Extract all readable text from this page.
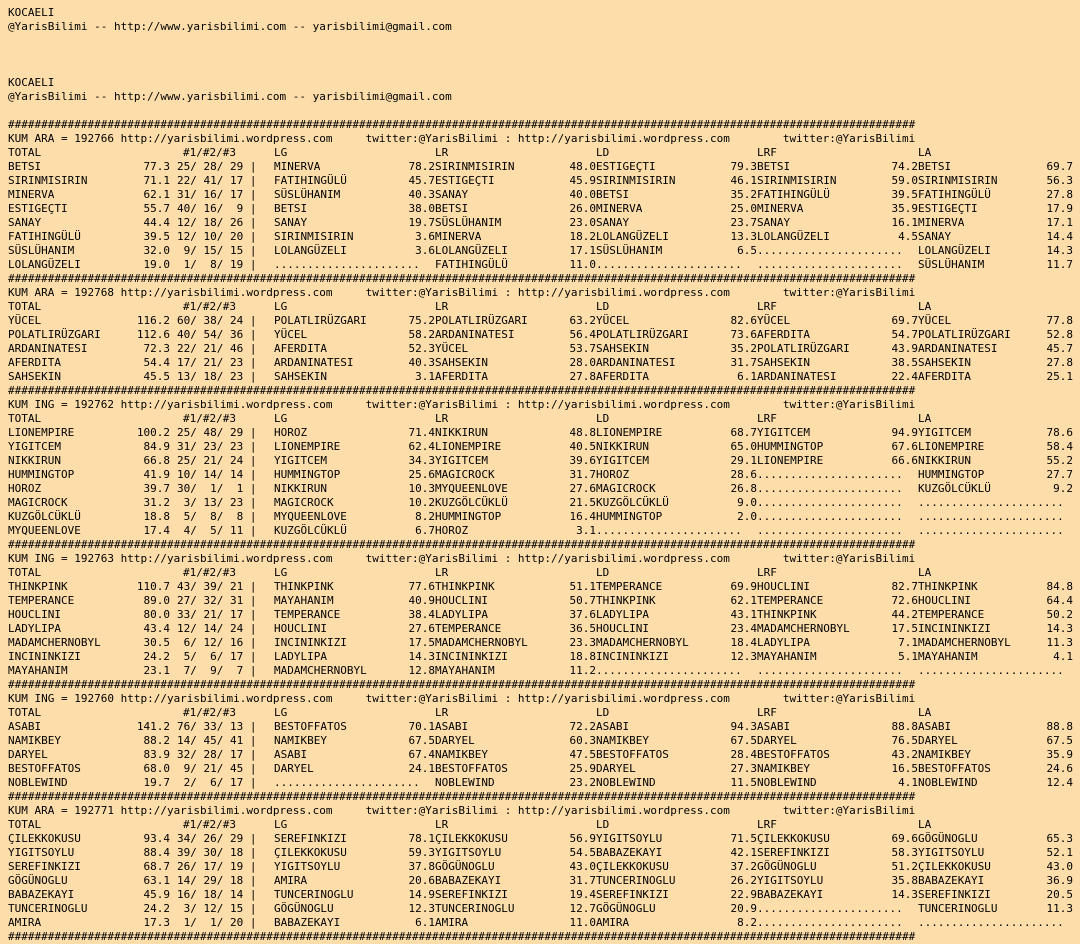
KOCAELI
@YarisBilimi -- http://www.yarisbilimi.com -- yarisbilimi@gmail.com
KOCAELI
@YarisBilimi -- http://www.yarisbilimi.com -- yarisbilimi@gmail.com
#########################################################################################################################################
KUM ARA = 192766 http://yarisbilimi.wordpress.com     twitter:@YarisBilimi : http://yarisbilimi.wordpress.com        twitter:@YarisBilimi
TOTAL	#1/#2/#3	LG	LR	LD	LRF	LA
BETSI	77.3 25/ 28/ 29 |	MINERVA	78.2 SIRINMISIRIN	48.0 ESTIGEÇTI	79.3 BETSI	74.2 BETSI	69.7
SIRINMISIRIN	71.1 22/ 41/ 17 |	FATIHINGÜLÜ	45.7 ESTIGEÇTI	45.9 SIRINMISIRIN	46.1 SIRINMISIRIN	59.0 SIRINMISIRIN	56.3
MINERVA	62.1 31/ 16/ 17 |	SÜSLÜHANIM	40.3 SANAY	40.0 BETSI	35.2 FATIHINGÜLÜ	39.5 FATIHINGÜLÜ	27.8
ESTIGEÇTI	55.7 40/ 16/  9 |	BETSI	38.0 BETSI	26.0 MINERVA	25.0 MINERVA	35.9 ESTIGEÇTI	17.9
SANAY	44.4 12/ 18/ 26 |	SANAY	19.7 SÜSLÜHANIM	23.0 SANAY	23.7 SANAY	16.1 MINERVA	17.1
FATIHINGÜLÜ	39.5 12/ 10/ 20 |	SIRINMISIRIN	3.6 MINERVA	18.2 LOLANGÜZELI	13.3 LOLANGÜZELI	4.5 SANAY	14.4
SÜSLÜHANIM	32.0 9/ 15/ 15 |	LOLANGÜZELI	3.6 LOLANGÜZELI	17.1 SÜSLÜHANIM	6.5 ......................	LOLANGÜZELI	14.3
LOLANGÜZELI	19.0 1/  8/ 19 |	......................	FATIHINGÜLÜ	11.0 ......................	......................	SÜSLÜHANIM	11.7
#########################################################################################################################################
KUM ARA = 192768 http://yarisbilimi.wordpress.com     twitter:@YarisBilimi : http://yarisbilimi.wordpress.com        twitter:@YarisBilimi
TOTAL	#1/#2/#3	LG	LR	LD	LRF	LA
YÜCEL	116.2 60/ 38/ 24 |	POLATLIRÜZGARI	75.2 POLATLIRÜZGARI	63.2 YÜCEL	82.6 YÜCEL	69.7 YÜCEL	77.8
POLATLIRÜZGARI	112.6 40/ 54/ 36 |	YÜCEL	58.2 ARDANINATESI	56.4 POLATLIRÜZGARI	73.6 AFERDITA	54.7 POLATLIRÜZGARI	52.8
ARDANINATESI	72.3 22/ 21/ 46 |	AFERDITA	52.3 YÜCEL	53.7 SAHSEKIN	35.2 POLATLIRÜZGARI	43.9 ARDANINATESI	45.7
AFERDITA	54.4 17/ 21/ 23 |	ARDANINATESI	40.3 SAHSEKIN	28.0 ARDANINATESI	31.7 SAHSEKIN	38.5 SAHSEKIN	27.8
SAHSEKIN	45.5 13/ 18/ 23 |	SAHSEKIN	3.1 AFERDITA	27.8 AFERDITA	6.1 ARDANINATESI	22.4 AFERDITA	25.1
#########################################################################################################################################
KUM ING = 192762 http://yarisbilimi.wordpress.com     twitter:@YarisBilimi : http://yarisbilimi.wordpress.com        twitter:@YarisBilimi
TOTAL	#1/#2/#3	LG	LR	LD	LRF	LA
LIONEMPIRE	100.2 25/ 48/ 29 |	HOROZ	71.4 NIKKIRUN	48.8 LIONEMPIRE	68.7 YIGITCEM	94.9 YIGITCEM	78.6
YIGITCEM	84.9 31/ 23/ 23 |	LIONEMPIRE	62.4 LIONEMPIRE	40.5 NIKKIRUN	65.0 HUMMINGTOP	67.6 LIONEMPIRE	58.4
NIKKIRUN	66.8 25/ 21/ 24 |	YIGITCEM	34.3 YIGITCEM	39.6 YIGITCEM	29.1 LIONEMPIRE	66.6 NIKKIRUN	55.2
HUMMINGTOP	41.9 10/ 14/ 14 |	HUMMINGTOP	25.6 MAGICROCK	31.7 HOROZ	28.6 ......................	HUMMINGTOP	27.7
HOROZ	39.7 30/  1/  1 |	NIKKIRUN	10.3 MYQUEENLOVE	27.6 MAGICROCK	26.8 ......................	KUZGÖLCÜKLÜ	9.2
MAGICROCK	31.2 3/ 13/ 23 |	MAGICROCK	10.2 KUZGÖLCÜKLÜ	21.5 KUZGÖLCÜKLÜ	9.0 ......................	......................
KUZGÖLCÜKLÜ	18.8 5/  8/  8 |	MYQUEENLOVE	8.2 HUMMINGTOP	16.4 HUMMINGTOP	2.0 ......................	......................
MYQUEENLOVE	17.4 4/  5/ 11 |	KUZGÖLCÜKLÜ	6.7 HOROZ	3.1 ......................	......................	......................
#########################################################################################################################################
KUM ING = 192763 http://yarisbilimi.wordpress.com     twitter:@YarisBilimi : http://yarisbilimi.wordpress.com        twitter:@YarisBilimi
TOTAL	#1/#2/#3	LG	LR	LD	LRF	LA
THINKPINK	110.7 43/ 39/ 21 |	THINKPINK	77.6 THINKPINK	51.1 TEMPERANCE	69.9 HOUCLINI	82.7 THINKPINK	84.8
TEMPERANCE	89.0 27/ 32/ 31 |	MAYAHANIM	40.9 HOUCLINI	50.7 THINKPINK	62.1 TEMPERANCE	72.6 HOUCLINI	64.4
HOUCLINI	80.0 33/ 21/ 17 |	TEMPERANCE	38.4 LADYLIPA	37.6 LADYLIPA	43.1 THINKPINK	44.2 TEMPERANCE	50.2
LADYLIPA	43.4 12/ 14/ 24 |	HOUCLINI	27.6 TEMPERANCE	36.5 HOUCLINI	23.4 MADAMCHERNOBYL	17.5 INCININKIZI	14.3
MADAMCHERNOBYL	30.5 6/ 12/ 16 |	INCININKIZI	17.5 MADAMCHERNOBYL	23.3 MADAMCHERNOBYL	18.4 LADYLIPA	7.1 MADAMCHERNOBYL	11.3
INCININKIZI	24.2 5/  6/ 17 |	LADYLIPA	14.3 INCININKIZI	18.8 INCININKIZI	12.3 MAYAHANIM	5.1 MAYAHANIM	4.1
MAYAHANIM	23.1 7/  9/  7 |	MADAMCHERNOBYL	12.8 MAYAHANIM	11.2 ......................	......................	......................
#########################################################################################################################################
KUM ING = 192760 http://yarisbilimi.wordpress.com     twitter:@YarisBilimi : http://yarisbilimi.wordpress.com        twitter:@YarisBilimi
TOTAL	#1/#2/#3	LG	LR	LD	LRF	LA
ASABI	141.2 76/ 33/ 13 |	BESTOFFATOS	70.1 ASABI	72.2 ASABI	94.3 ASABI	88.8 ASABI	88.8
NAMIKBEY	88.2 14/ 45/ 41 |	NAMIKBEY	67.5 DARYEL	60.3 NAMIKBEY	67.5 DARYEL	76.5 DARYEL	67.5
DARYEL	83.9 32/ 28/ 17 |	ASABI	67.4 NAMIKBEY	47.5 BESTOFFATOS	28.4 BESTOFFATOS	43.2 NAMIKBEY	35.9
BESTOFFATOS	68.0 9/ 21/ 45 |	DARYEL	24.1 BESTOFFATOS	25.9 DARYEL	27.3 NAMIKBEY	16.5 BESTOFFATOS	24.6
NOBLEWIND	19.7 2/  6/ 17 |	......................	NOBLEWIND	23.2 NOBLEWIND	11.5 NOBLEWIND	4.1 NOBLEWIND	12.4
#########################################################################################################################################
KUM ARA = 192771 http://yarisbilimi.wordpress.com     twitter:@YarisBilimi : http://yarisbilimi.wordpress.com        twitter:@YarisBilimi
TOTAL	#1/#2/#3	LG	LR	LD	LRF	LA
ÇILEKKOKUSU	93.4 34/ 26/ 29 |	SEREFINKIZI	78.1 ÇILEKKOKUSU	56.9 YIGITSOYLU	71.5 ÇILEKKOKUSU	69.6 GÖGÜNOGLU	65.3
YIGITSOYLU	88.4 39/ 30/ 18 |	ÇILEKKOKUSU	59.3 YIGITSOYLU	54.5 BABAZEKAYI	42.1 SEREFINKIZI	58.3 YIGITSOYLU	52.1
SEREFINKIZI	68.7 26/ 17/ 19 |	YIGITSOYLU	37.8 GÖGÜNOGLU	43.0 ÇILEKKOKUSU	37.2 GÖGÜNOGLU	51.2 ÇILEKKOKUSU	43.0
GÖGÜNOGLU	63.1 14/ 29/ 18 |	AMIRA	20.6 BABAZEKAYI	31.7 TUNCERINOGLU	26.2 YIGITSOYLU	35.8 BABAZEKAYI	36.9
BABAZEKAYI	45.9 16/ 18/ 14 |	TUNCERINOGLU	14.9 SEREFINKIZI	19.4 SEREFINKIZI	22.9 BABAZEKAYI	14.3 SEREFINKIZI	20.5
TUNCERINOGLU	24.2 3/ 12/ 15 |	GÖGÜNOGLU	12.3 TUNCERINOGLU	12.7 GÖGÜNOGLU	20.9 ......................	TUNCERINOGLU	11.3
AMIRA	17.3 1/  1/ 20 |	BABAZEKAYI	6.1 AMIRA	11.0 AMIRA	8.2 ......................	......................
#########################################################################################################################################
